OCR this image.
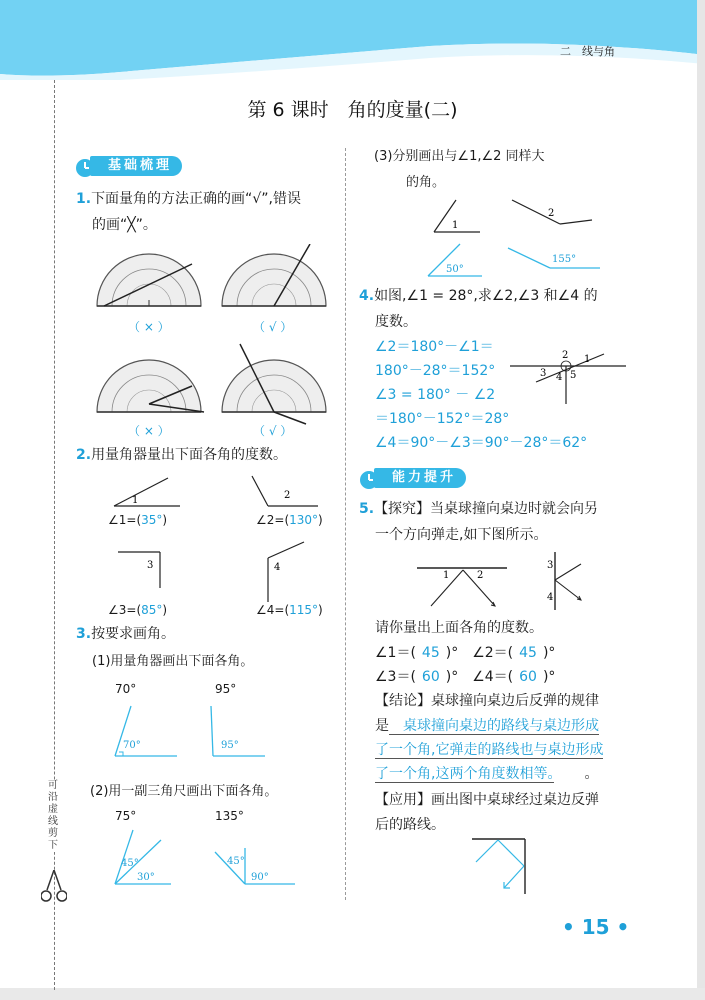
二　线与角
第 6 课时　角的度量(二)
可沿虚线剪下
基础梳理
1.下面量角的方法正确的画“√”,错误
的画“╳”。
（ × ）	（ √ ）
（ × ）	（ √ ）
2.用量角器量出下面各角的度数。
1	2
3	4
∠1=(35°)	∠2=(130°)
∠3=(85°)	∠4=(115°)
3.按要求画角。
(1)用量角器画出下面各角。
70°	95°
70°	95°
(2)用一副三角尺画出下面各角。
75°	135°
45°
30°
45°
90°
(3)分别画出与∠1,∠2 同样大
的角。
1
2
50°
155°
4.如图,∠1 = 28°,求∠2,∠3 和∠4 的
度数。
∠2＝180°－∠1＝
180°－28°＝152°
∠3 = 180° － ∠2
＝180°－152°＝28°
∠4＝90°－∠3＝90°－28°＝62°
2 1
3 4 5
能力提升
5.【探究】当桌球撞向桌边时就会向另
一个方向弹走,如下图所示。
1	2
3
4
请你量出上面各角的度数。
∠1＝( 45 )°　∠2＝( 45 )°
∠3＝( 60 )°　∠4＝( 60 )°
【结论】桌球撞向桌边后反弹的规律
是　桌球撞向桌边的路线与桌边形成
了一个角,它弹走的路线也与桌边形成
了一个角,这两个角度数相等。 。
【应用】画出图中桌球经过桌边反弹
后的路线。
• 15 •
